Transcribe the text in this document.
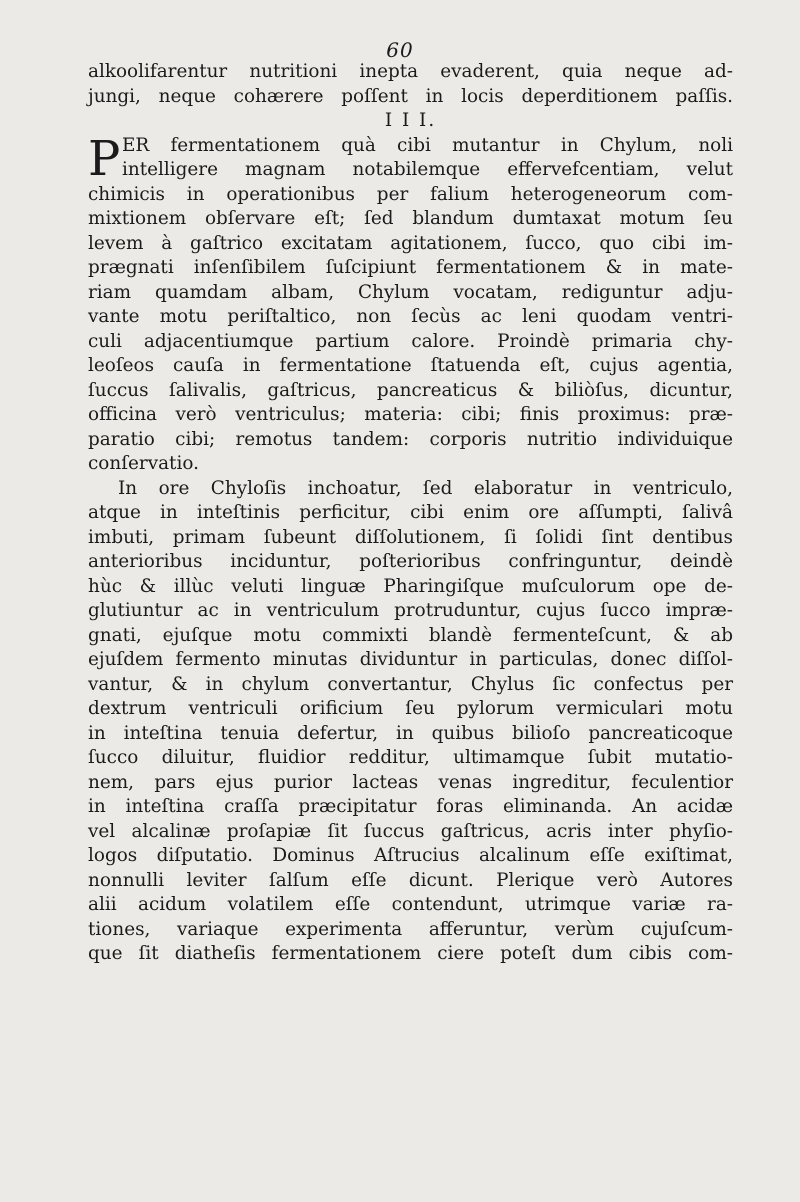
60
alkoolifarentur nutritioni inepta evaderent, quia neque ad-
jungi, neque cohærere poſſent in locis deperditionem paſſis.
I I I.
P ER fermentationem quà cibi mutantur in Chylum, noli
intelligere magnam notabilemque effervefcentiam, velut
chimicis in operationibus per falium heterogeneorum com-
mixtionem obſervare eſt; ſed blandum dumtaxat motum ſeu
levem à gaſtrico excitatam agitationem, ſucco, quo cibi im-
prægnati inſenſibilem ſuſcipiunt fermentationem & in mate-
riam quamdam albam, Chylum vocatam, rediguntur adju-
vante motu periſtaltico, non ſecùs ac leni quodam ventri-
culi adjacentiumque partium calore. Proindè primaria chy-
leoſeos cauſa in fermentatione ſtatuenda eſt, cujus agentia,
ſuccus ſalivalis, gaſtricus, pancreaticus & biliòſus, dicuntur,
officina verò ventriculus; materia: cibi; finis proximus: præ-
paratio cibi; remotus tandem: corporis nutritio individuique
conſervatio.
In ore Chyloſis inchoatur, ſed elaboratur in ventriculo,
atque in inteſtinis perficitur, cibi enim ore aſſumpti, ſalivâ
imbuti, primam ſubeunt diſſolutionem, ſi ſolidi ſint dentibus
anterioribus inciduntur, poſterioribus confringuntur, deindè
hùc & illùc veluti linguæ Pharingiſque muſculorum ope de-
glutiuntur ac in ventriculum protruduntur, cujus ſucco impræ-
gnati, ejuſque motu commixti blandè fermenteſcunt, & ab
ejuſdem fermento minutas dividuntur in particulas, donec diſſol-
vantur, & in chylum convertantur, Chylus ſic confectus per
dextrum ventriculi orificium ſeu pylorum vermiculari motu
in inteſtina tenuia defertur, in quibus bilioſo pancreaticoque
ſucco diluitur, fluidior redditur, ultimamque ſubit mutatio-
nem, pars ejus purior lacteas venas ingreditur, feculentior
in inteſtina craſſa præcipitatur foras eliminanda. An acidæ
vel alcalinæ proſapiæ ſit ſuccus gaſtricus, acris inter phyſio-
logos diſputatio. Dominus Aſtrucius alcalinum eſſe exiſtimat,
nonnulli leviter ſalſum eſſe dicunt. Plerique verò Autores
alii acidum volatilem eſſe contendunt, utrimque variæ ra-
tiones, variaque experimenta afferuntur, verùm cujuſcum-
que ſit diatheſis fermentationem ciere poteſt dum cibis com-
